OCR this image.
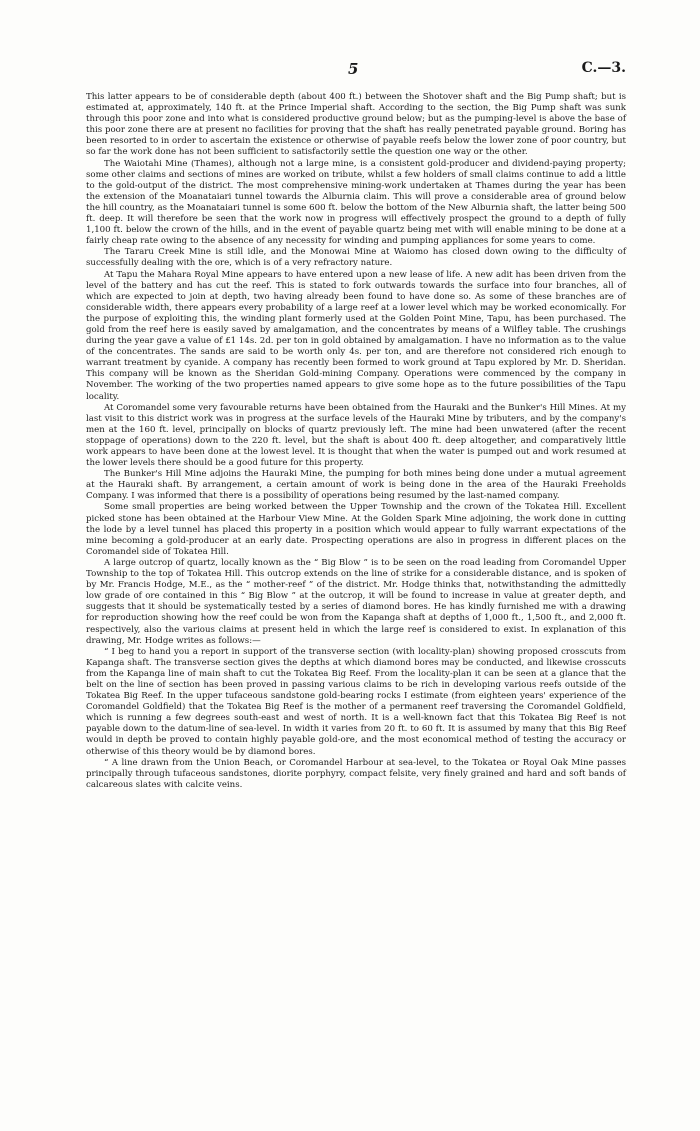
5	C.—3.

This latter appears to be of considerable depth (about 400 ft.) between the Shotover shaft and the Big Pump shaft; but is estimated at, approximately, 140 ft. at the Prince Imperial shaft. According to the section, the Big Pump shaft was sunk through this poor zone and into what is considered productive ground below; but as the pumping-level is above the base of this poor zone there are at present no facilities for proving that the shaft has really penetrated payable ground. Boring has been resorted to in order to ascertain the existence or otherwise of payable reefs below the lower zone of poor country, but so far the work done has not been sufficient to satisfactorily settle the question one way or the other.

The Waiotahi Mine (Thames), although not a large mine, is a consistent gold-producer and dividend-paying property; some other claims and sections of mines are worked on tribute, whilst a few holders of small claims continue to add a little to the gold-output of the district. The most comprehensive mining-work undertaken at Thames during the year has been the extension of the Moanataiari tunnel towards the Alburnia claim. This will prove a considerable area of ground below the hill country, as the Moanataiari tunnel is some 600 ft. below the bottom of the New Alburnia shaft, the latter being 500 ft. deep. It will therefore be seen that the work now in progress will effectively prospect the ground to a depth of fully 1,100 ft. below the crown of the hills, and in the event of payable quartz being met with will enable mining to be done at a fairly cheap rate owing to the absence of any necessity for winding and pumping appliances for some years to come.

The Tararu Creek Mine is still idle, and the Monowai Mine at Waiomo has closed down owing to the difficulty of successfully dealing with the ore, which is of a very refractory nature.

At Tapu the Mahara Royal Mine appears to have entered upon a new lease of life. A new adit has been driven from the level of the battery and has cut the reef. This is stated to fork outwards towards the surface into four branches, all of which are expected to join at depth, two having already been found to have done so. As some of these branches are of considerable width, there appears every probability of a large reef at a lower level which may be worked economically. For the purpose of exploiting this, the winding plant formerly used at the Golden Point Mine, Tapu, has been purchased. The gold from the reef here is easily saved by amalgamation, and the concentrates by means of a Wilfley table. The crushings during the year gave a value of £1 14s. 2d. per ton in gold obtained by amalgamation. I have no information as to the value of the concentrates. The sands are said to be worth only 4s. per ton, and are therefore not considered rich enough to warrant treatment by cyanide. A company has recently been formed to work ground at Tapu explored by Mr. D. Sheridan. This company will be known as the Sheridan Gold-mining Company. Operations were commenced by the company in November. The working of the two properties named appears to give some hope as to the future possibilities of the Tapu locality.

At Coromandel some very favourable returns have been obtained from the Hauraki and the Bunker's Hill Mines. At my last visit to this district work was in progress at the surface levels of the Hauraki Mine by tributers, and by the company's men at the 160 ft. level, principally on blocks of quartz previously left. The mine had been unwatered (after the recent stoppage of operations) down to the 220 ft. level, but the shaft is about 400 ft. deep altogether, and comparatively little work appears to have been done at the lowest level. It is thought that when the water is pumped out and work resumed at the lower levels there should be a good future for this property.

The Bunker's Hill Mine adjoins the Hauraki Mine, the pumping for both mines being done under a mutual agreement at the Hauraki shaft. By arrangement, a certain amount of work is being done in the area of the Hauraki Freeholds Company. I was informed that there is a possibility of operations being resumed by the last-named company.

Some small properties are being worked between the Upper Township and the crown of the Tokatea Hill. Excellent picked stone has been obtained at the Harbour View Mine. At the Golden Spark Mine adjoining, the work done in cutting the lode by a level tunnel has placed this property in a position which would appear to fully warrant expectations of the mine becoming a gold-producer at an early date. Prospecting operations are also in progress in different places on the Coromandel side of Tokatea Hill.

A large outcrop of quartz, locally known as the “ Big Blow ” is to be seen on the road leading from Coromandel Upper Township to the top of Tokatea Hill. This outcrop extends on the line of strike for a considerable distance, and is spoken of by Mr. Francis Hodge, M.E., as the “ mother-reef ” of the district. Mr. Hodge thinks that, notwithstanding the admittedly low grade of ore contained in this “ Big Blow ” at the outcrop, it will be found to increase in value at greater depth, and suggests that it should be systematically tested by a series of diamond bores. He has kindly furnished me with a drawing for reproduction showing how the reef could be won from the Kapanga shaft at depths of 1,000 ft., 1,500 ft., and 2,000 ft. respectively, also the various claims at present held in which the large reef is considered to exist. In explanation of this drawing, Mr. Hodge writes as follows:—

“ I beg to hand you a report in support of the transverse section (with locality-plan) showing proposed crosscuts from Kapanga shaft. The transverse section gives the depths at which diamond bores may be conducted, and likewise crosscuts from the Kapanga line of main shaft to cut the Tokatea Big Reef. From the locality-plan it can be seen at a glance that the belt on the line of section has been proved in passing various claims to be rich in developing various reefs outside of the Tokatea Big Reef. In the upper tufaceous sandstone gold-bearing rocks I estimate (from eighteen years' experience of the Coromandel Goldfield) that the Tokatea Big Reef is the mother of a permanent reef traversing the Coromandel Goldfield, which is running a few degrees south-east and west of north. It is a well-known fact that this Tokatea Big Reef is not payable down to the datum-line of sea-level. In width it varies from 20 ft. to 60 ft. It is assumed by many that this Big Reef would in depth be proved to contain highly payable gold-ore, and the most economical method of testing the accuracy or otherwise of this theory would be by diamond bores.

“ A line drawn from the Union Beach, or Coromandel Harbour at sea-level, to the Tokatea or Royal Oak Mine passes principally through tufaceous sandstones, diorite porphyry, compact felsite, very finely grained and hard and soft bands of calcareous slates with calcite veins.
